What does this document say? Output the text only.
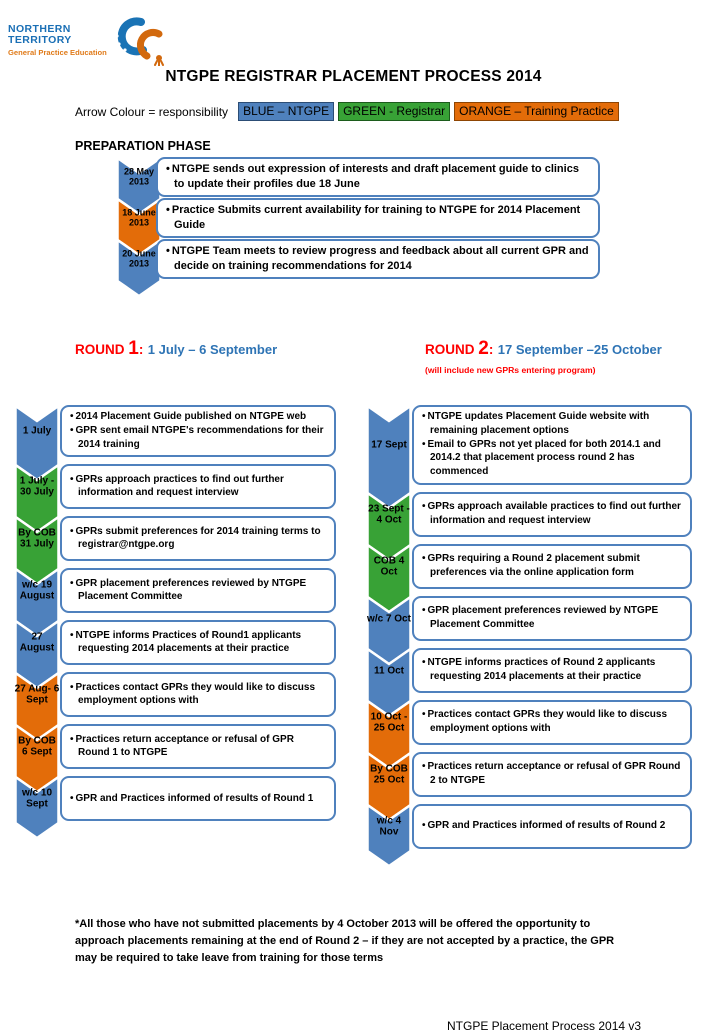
NORTHERN
TERRITORY
General Practice Education
NTGPE REGISTRAR PLACEMENT PROCESS 2014
Arrow Colour = responsibility	BLUE – NTGPE	GREEN - Registrar	ORANGE – Training Practice
PREPARATION PHASE
28 May 2013
• NTGPE sends out expression of interests and draft placement guide to clinics to update their profiles due 18 June
18 June 2013
• Practice Submits current availability for training to NTGPE for 2014 Placement Guide
20 June 2013
• NTGPE Team meets to review progress and feedback about all current GPR and decide on training recommendations for 2014
ROUND 1: 1 July – 6 September	ROUND 2: 17 September –25 October
(will include new GPRs entering program)
1 July
• 2014 Placement Guide published on NTGPE web
• GPR sent email NTGPE's recommendations for their 2014 training
1 July - 30 July
• GPRs approach practices to find out further information and request interview
By COB 31 July
• GPRs submit preferences for 2014 training terms to registrar@ntgpe.org
w/c 19 August
• GPR placement preferences reviewed by NTGPE Placement Committee
27 August
• NTGPE informs Practices of Round1 applicants requesting 2014 placements at their practice
27 Aug- 6 Sept
• Practices contact GPRs they would like to discuss employment options with
By COB 6 Sept
• Practices return acceptance or refusal of GPR Round 1 to NTGPE
w/c 10 Sept
• GPR and Practices informed of results of Round 1
17 Sept
• NTGPE updates Placement Guide website with remaining placement options
• Email to GPRs not yet placed for both 2014.1 and 2014.2 that placement process round 2 has commenced
23 Sept - 4 Oct
• GPRs approach available practices to find out further information and request interview
COB 4 Oct
• GPRs requiring a Round 2 placement submit preferences via the online application form
w/c 7 Oct
• GPR placement preferences reviewed by NTGPE Placement Committee
11 Oct
• NTGPE informs practices of Round 2 applicants requesting 2014 placements at their practice
10 Oct - 25 Oct
• Practices contact GPRs they would like to discuss employment options with
By COB 25 Oct
• Practices return acceptance or refusal of GPR Round 2 to NTGPE
w/c 4 Nov
• GPR and Practices informed of results of Round 2
*All those who have not submitted placements by 4 October 2013 will be offered the opportunity to approach placements remaining at the end of Round 2 – if they are not accepted by a practice, the GPR may be required to take leave from training for those terms
NTGPE Placement Process 2014 v3
